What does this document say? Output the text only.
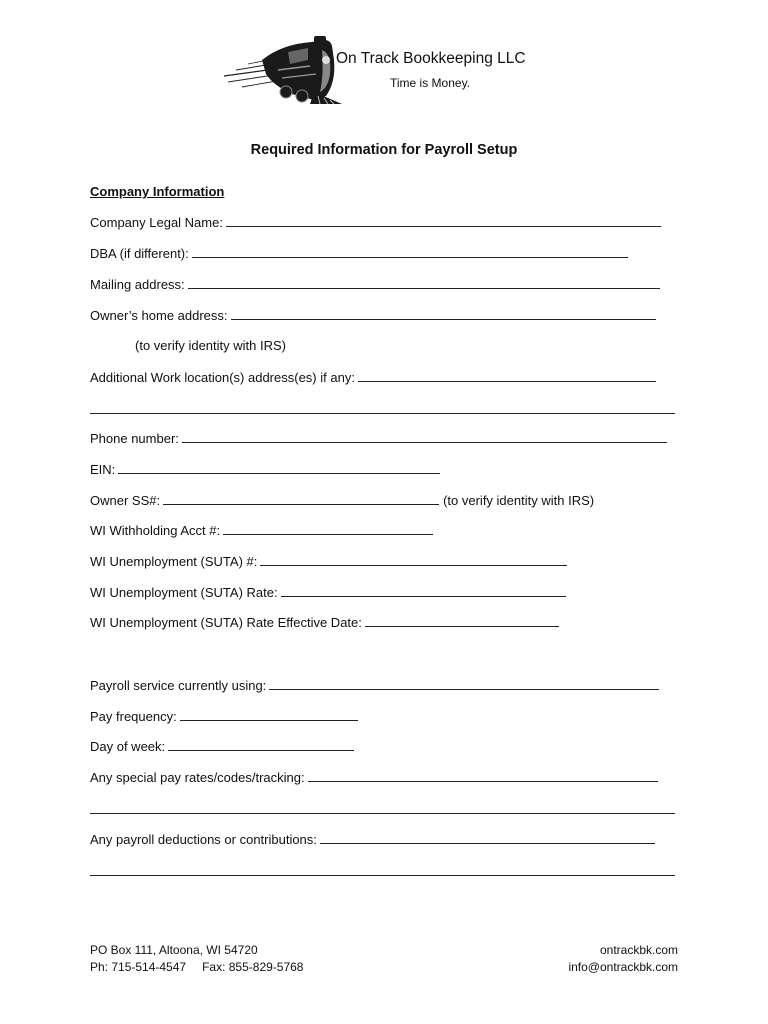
On Track Bookkeeping LLC
Time is Money.
Required Information for Payroll Setup
Company Information
Company Legal Name:
DBA (if different):
Mailing address:
Owner’s home address:
(to verify identity with IRS)
Additional Work location(s) address(es) if any:
Phone number:
EIN:
Owner SS#:	(to verify identity with IRS)
WI Withholding Acct #:
WI Unemployment (SUTA) #:
WI Unemployment (SUTA) Rate:
WI Unemployment (SUTA) Rate Effective Date:
Payroll service currently using:
Pay frequency:
Day of week:
Any special pay rates/codes/tracking:
Any payroll deductions or contributions:
PO Box 111, Altoona, WI 54720
Ph: 715-514-4547 Fax: 855-829-5768
ontrackbk.com
info@ontrackbk.com
